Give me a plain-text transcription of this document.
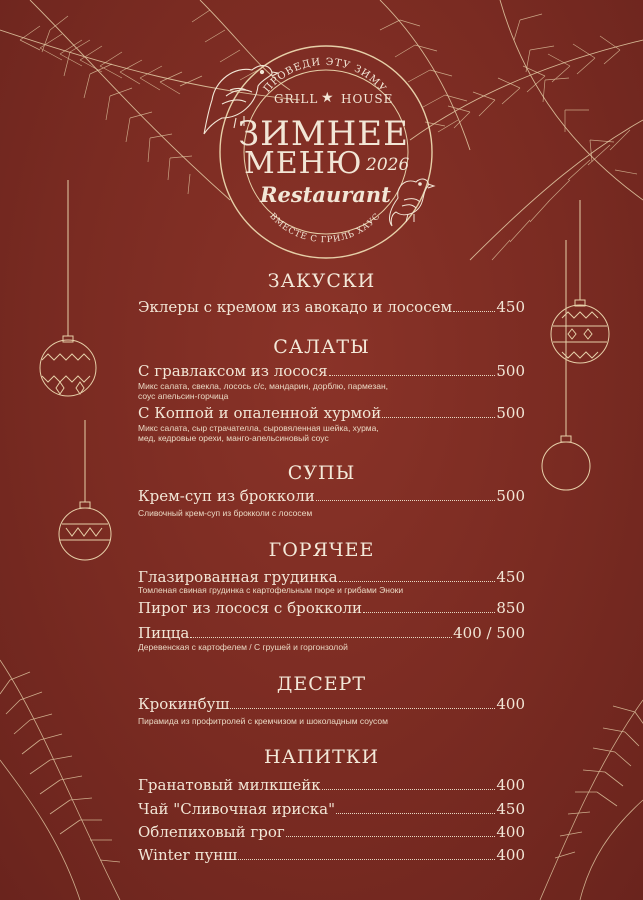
ПРОВЕДИ ЭТУ ЗИМУ
ВМЕСТЕ С ГРИЛЬ ХАУС
GRILL ★ HOUSE
ЗИМНЕЕ
МЕНЮ 2026
Restaurant
ЗАКУСКИ
Эклеры с кремом из авокадо и лососем	450
САЛАТЫ
С гравлаксом из лосося	500
Микс салата, свекла, лосось с/с, мандарин, дорблю, пармезан,
соус апельсин-горчица
С Коппой и опаленной хурмой	500
Микс салата, сыр страчателла, сыровяленная шейка, хурма,
мед, кедровые орехи, манго-апельсиновый соус
СУПЫ
Крем-суп из брокколи	500
Сливочный крем-суп из брокколи с лососем
ГОРЯЧЕЕ
Глазированная грудинка	450
Томленая свиная грудинка с картофельным пюре и грибами Эноки
Пирог из лосося с брокколи	850
Пицца	400 / 500
Деревенская с картофелем / С грушей и горгонзолой
ДЕСЕРТ
Крокинбуш	400
Пирамида из профитролей с кремчизом и шоколадным соусом
НАПИТКИ
Гранатовый милкшейк	400
Чай "Сливочная ириска"	450
Облепиховый грог	400
Winter пунш	400
